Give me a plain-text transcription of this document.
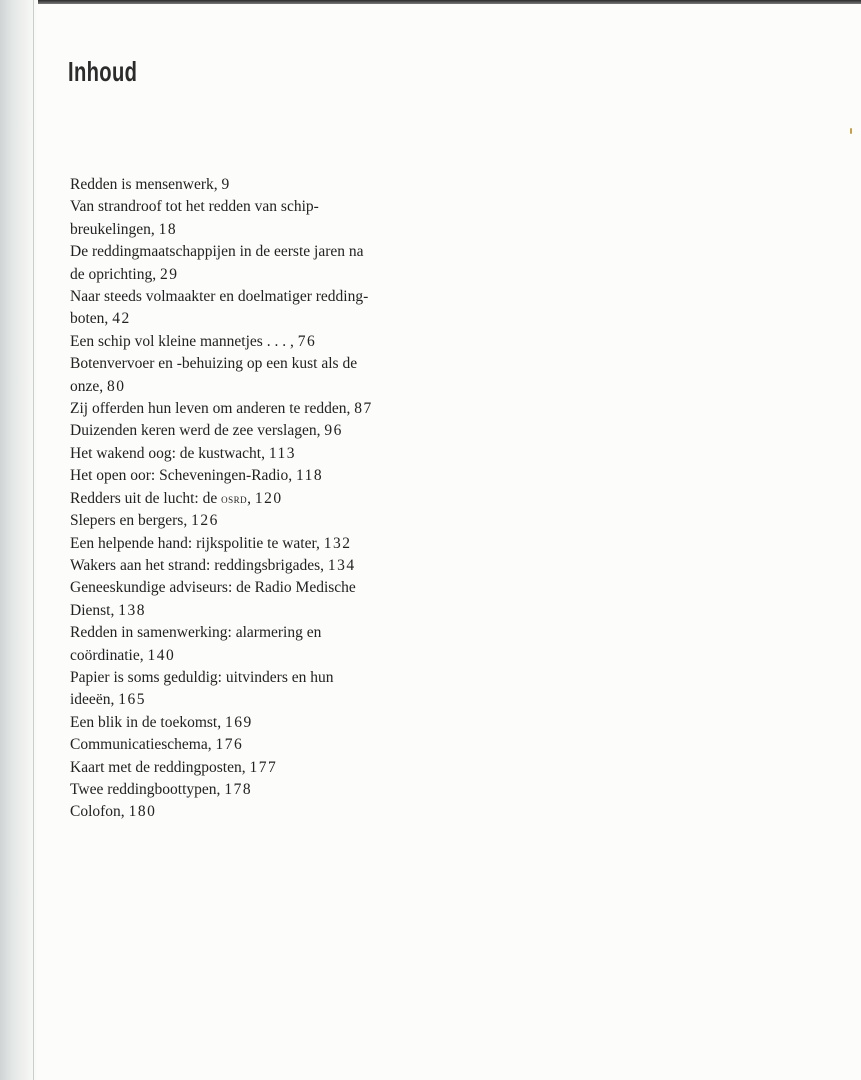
Inhoud
Redden is mensenwerk, 9
Van strandroof tot het redden van schip-
breukelingen, 18
De reddingmaatschappijen in de eerste jaren na
de oprichting, 29
Naar steeds volmaakter en doelmatiger redding-
boten, 42
Een schip vol kleine mannetjes . . . , 76
Botenvervoer en -behuizing op een kust als de
onze, 80
Zij offerden hun leven om anderen te redden, 87
Duizenden keren werd de zee verslagen, 96
Het wakend oog: de kustwacht, 113
Het open oor: Scheveningen-Radio, 118
Redders uit de lucht: de osrd, 120
Slepers en bergers, 126
Een helpende hand: rijkspolitie te water, 132
Wakers aan het strand: reddingsbrigades, 134
Geneeskundige adviseurs: de Radio Medische
Dienst, 138
Redden in samenwerking: alarmering en
coördinatie, 140
Papier is soms geduldig: uitvinders en hun
ideeën, 165
Een blik in de toekomst, 169
Communicatieschema, 176
Kaart met de reddingposten, 177
Twee reddingboottypen, 178
Colofon, 180
